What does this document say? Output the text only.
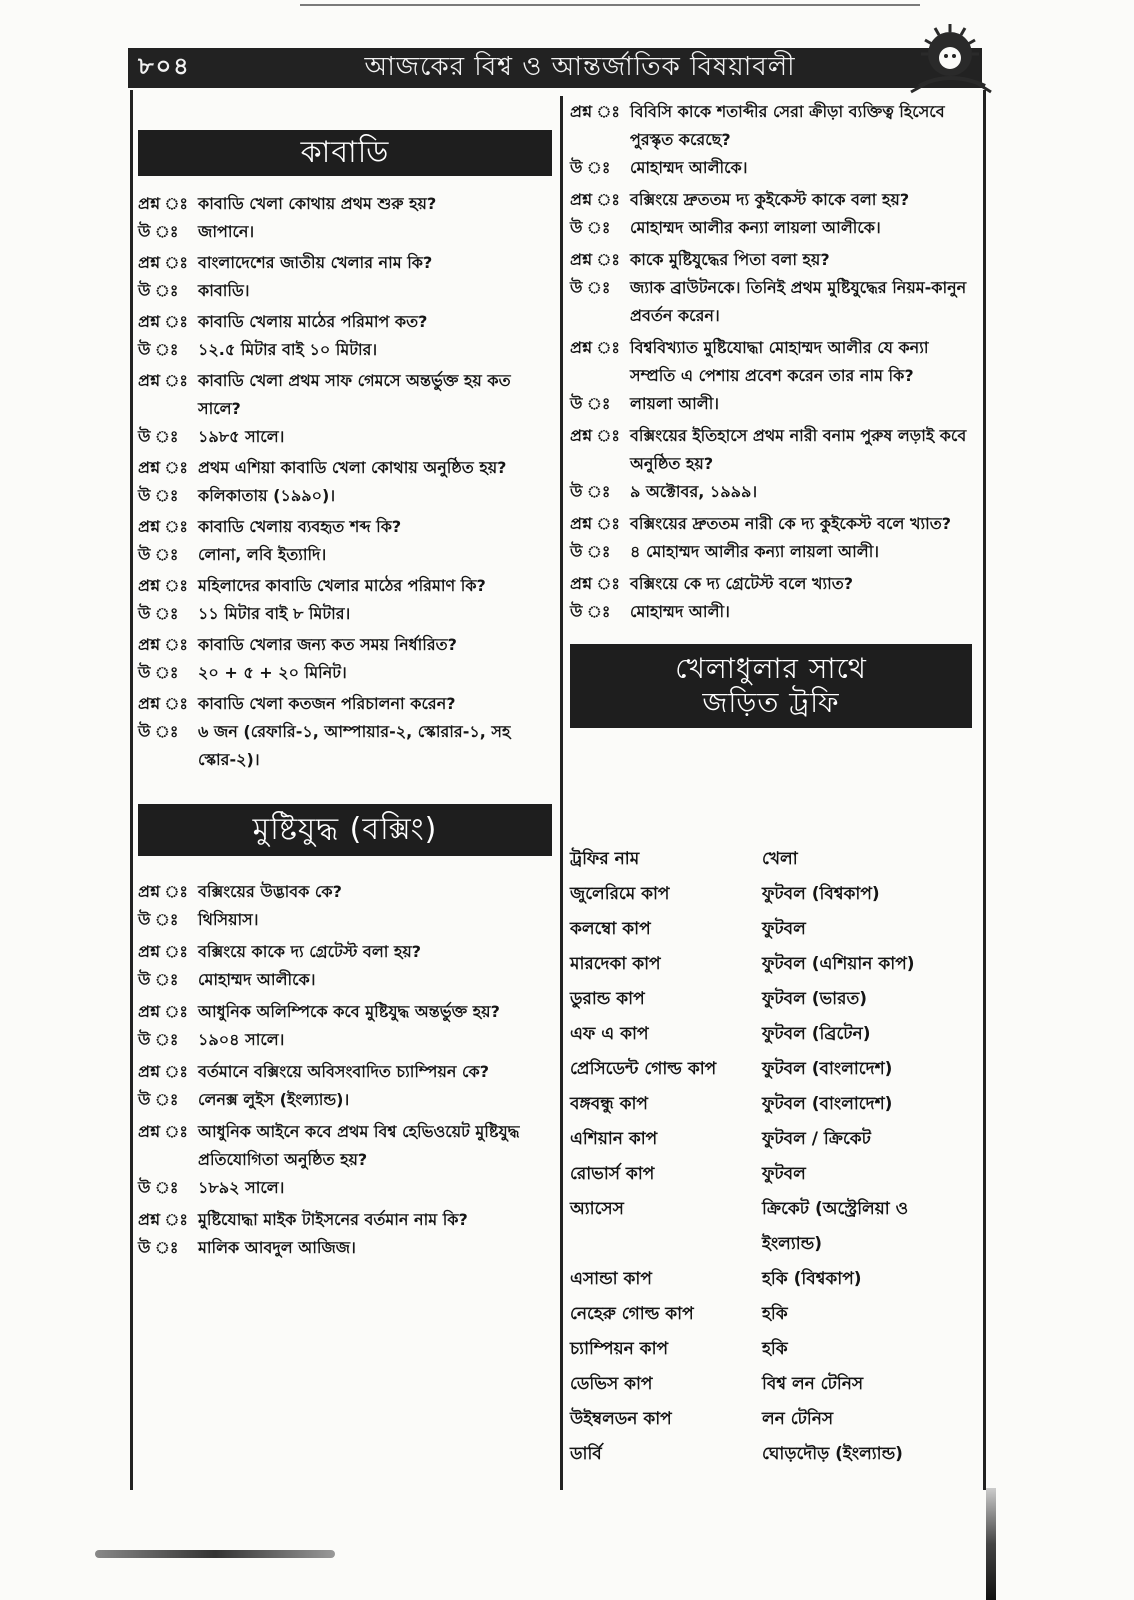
৮০৪	আজকের বিশ্ব ও আন্তর্জাতিক বিষয়াবলী
কাবাডি
প্রশ্ন ঃ কাবাডি খেলা কোথায় প্রথম শুরু হয়?
উ ঃ	জাপানে।
প্রশ্ন ঃ বাংলাদেশের জাতীয় খেলার নাম কি?
উ ঃ	কাবাডি।
প্রশ্ন ঃ কাবাডি খেলায় মাঠের পরিমাপ কত?
উ ঃ	১২.৫ মিটার বাই ১০ মিটার।
প্রশ্ন ঃ কাবাডি খেলা প্রথম সাফ গেমসে অন্তর্ভুক্ত হয় কত সালে?
উ ঃ	১৯৮৫ সালে।
প্রশ্ন ঃ প্রথম এশিয়া কাবাডি খেলা কোথায় অনুষ্ঠিত হয়?
উ ঃ	কলিকাতায় (১৯৯০)।
প্রশ্ন ঃ কাবাডি খেলায় ব্যবহৃত শব্দ কি?
উ ঃ	লোনা, লবি ইত্যাদি।
প্রশ্ন ঃ মহিলাদের কাবাডি খেলার মাঠের পরিমাণ কি?
উ ঃ	১১ মিটার বাই ৮ মিটার।
প্রশ্ন ঃ কাবাডি খেলার জন্য কত সময় নির্ধারিত?
উ ঃ	২০ + ৫ + ২০ মিনিট।
প্রশ্ন ঃ কাবাডি খেলা কতজন পরিচালনা করেন?
উ ঃ	৬ জন (রেফারি-১, আম্পায়ার-২, স্কোরার-১, সহ স্কোর-২)।
মুষ্টিযুদ্ধ (বক্সিং)
প্রশ্ন ঃ বক্সিংয়ের উদ্ভাবক কে?
উ ঃ	থিসিয়াস।
প্রশ্ন ঃ বক্সিংয়ে কাকে দ্য গ্রেটেস্ট বলা হয়?
উ ঃ	মোহাম্মদ আলীকে।
প্রশ্ন ঃ আধুনিক অলিম্পিকে কবে মুষ্টিযুদ্ধ অন্তর্ভুক্ত হয়?
উ ঃ	১৯০৪ সালে।
প্রশ্ন ঃ বর্তমানে বক্সিংয়ে অবিসংবাদিত চ্যাম্পিয়ন কে?
উ ঃ	লেনক্স লুইস (ইংল্যান্ড)।
প্রশ্ন ঃ আধুনিক আইনে কবে প্রথম বিশ্ব হেভিওয়েট মুষ্টিযুদ্ধ প্রতিযোগিতা অনুষ্ঠিত হয়?
উ ঃ	১৮৯২ সালে।
প্রশ্ন ঃ মুষ্টিযোদ্ধা মাইক টাইসনের বর্তমান নাম কি?
উ ঃ	মালিক আবদুল আজিজ।
প্রশ্ন ঃ বিবিসি কাকে শতাব্দীর সেরা ক্রীড়া ব্যক্তিত্ব হিসেবে পুরস্কৃত করেছে?
উ ঃ	মোহাম্মদ আলীকে।
প্রশ্ন ঃ বক্সিংয়ে দ্রুততম দ্য কুইকেস্ট কাকে বলা হয়?
উ ঃ	মোহাম্মদ আলীর কন্যা লায়লা আলীকে।
প্রশ্ন ঃ কাকে মুষ্টিযুদ্ধের পিতা বলা হয়?
উ ঃ	জ্যাক ব্রাউটনকে। তিনিই প্রথম মুষ্টিযুদ্ধের নিয়ম-কানুন প্রবর্তন করেন।
প্রশ্ন ঃ বিশ্ববিখ্যাত মুষ্টিযোদ্ধা মোহাম্মদ আলীর যে কন্যা সম্প্রতি এ পেশায় প্রবেশ করেন তার নাম কি?
উ ঃ	লায়লা আলী।
প্রশ্ন ঃ বক্সিংয়ের ইতিহাসে প্রথম নারী বনাম পুরুষ লড়াই কবে অনুষ্ঠিত হয়?
উ ঃ	৯ অক্টোবর, ১৯৯৯।
প্রশ্ন ঃ বক্সিংয়ের দ্রুততম নারী কে দ্য কুইকেস্ট বলে খ্যাত?
উ ঃ	৪ মোহাম্মদ আলীর কন্যা লায়লা আলী।
প্রশ্ন ঃ বক্সিংয়ে কে দ্য গ্রেটেস্ট বলে খ্যাত?
উ ঃ	মোহাম্মদ আলী।
খেলাধুলার সাথে
জড়িত ট্রফি
ট্রফির নাম	খেলা
জুলেরিমে কাপ	ফুটবল (বিশ্বকাপ)
কলম্বো কাপ	ফুটবল
মারদেকা কাপ	ফুটবল (এশিয়ান কাপ)
ডুরান্ড কাপ	ফুটবল (ভারত)
এফ এ কাপ	ফুটবল (ব্রিটেন)
প্রেসিডেন্ট গোল্ড কাপ	ফুটবল (বাংলাদেশ)
বঙ্গবন্ধু কাপ	ফুটবল (বাংলাদেশ)
এশিয়ান কাপ	ফুটবল / ক্রিকেট
রোভার্স কাপ	ফুটবল
অ্যাসেস	ক্রিকেট (অস্ট্রেলিয়া ও ইংল্যান্ড)
এসান্ডা কাপ	হকি (বিশ্বকাপ)
নেহেরু গোল্ড কাপ	হকি
চ্যাম্পিয়ন কাপ	হকি
ডেভিস কাপ	বিশ্ব লন টেনিস
উইম্বলডন কাপ	লন টেনিস
ডার্বি	ঘোড়দৌড় (ইংল্যান্ড)
